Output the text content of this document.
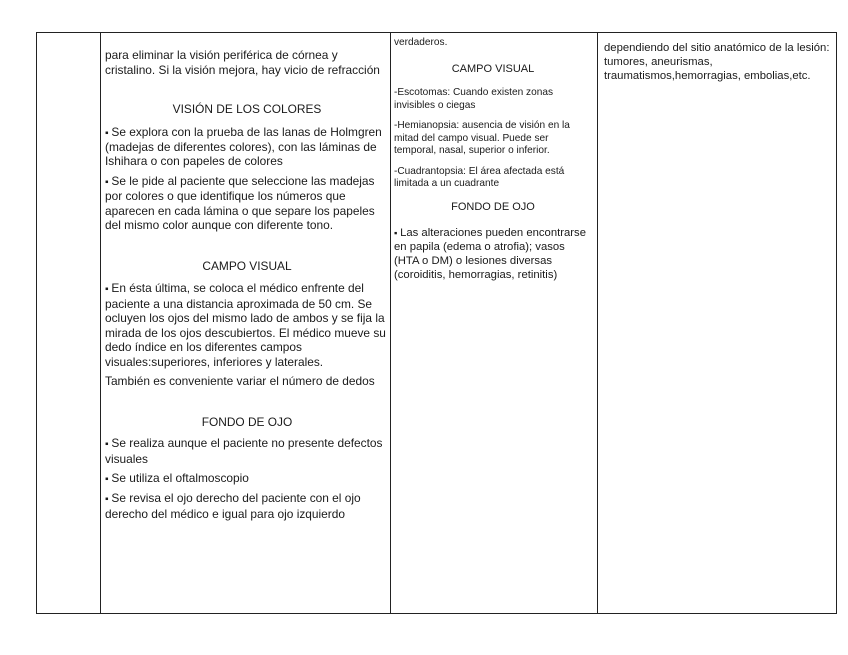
para eliminar la visión periférica de córnea y cristalino. Si la visión mejora, hay vicio de refracción

VISIÓN DE LOS COLORES

▪ Se explora con la prueba de las lanas de Holmgren (madejas de diferentes colores), con las láminas de Ishihara o con papeles de colores

▪ Se le pide al paciente que seleccione las madejas por colores o que identifique los números que aparecen en cada lámina o que separe los papeles del mismo color aunque con diferente tono.

CAMPO VISUAL

▪ En ésta última, se coloca el médico enfrente del paciente a una distancia aproximada de 50 cm. Se ocluyen los ojos del mismo lado de ambos y se fija la mirada de los ojos descubiertos. El médico mueve su dedo índice en los diferentes campos visuales:superiores, inferiores y laterales.

También es conveniente variar el número de dedos

FONDO DE OJO

▪ Se realiza aunque el paciente no presente defectos visuales

▪ Se utiliza el oftalmoscopio

▪ Se revisa el ojo derecho del paciente con el ojo derecho del médico e igual para ojo izquierdo

verdaderos.

CAMPO VISUAL

-Escotomas: Cuando existen zonas invisibles o ciegas

-Hemianopsia: ausencia de visión en la mitad del campo visual. Puede ser temporal, nasal, superior o inferior.

-Cuadrantopsia: El área afectada está limitada a un cuadrante

FONDO DE OJO

▪ Las alteraciones pueden encontrarse en papila (edema o atrofia); vasos (HTA o DM) o lesiones diversas (coroiditis, hemorragias, retinitis)

dependiendo del sitio anatómico de la lesión: tumores, aneurismas, traumatismos,hemorragias, embolias,etc.
